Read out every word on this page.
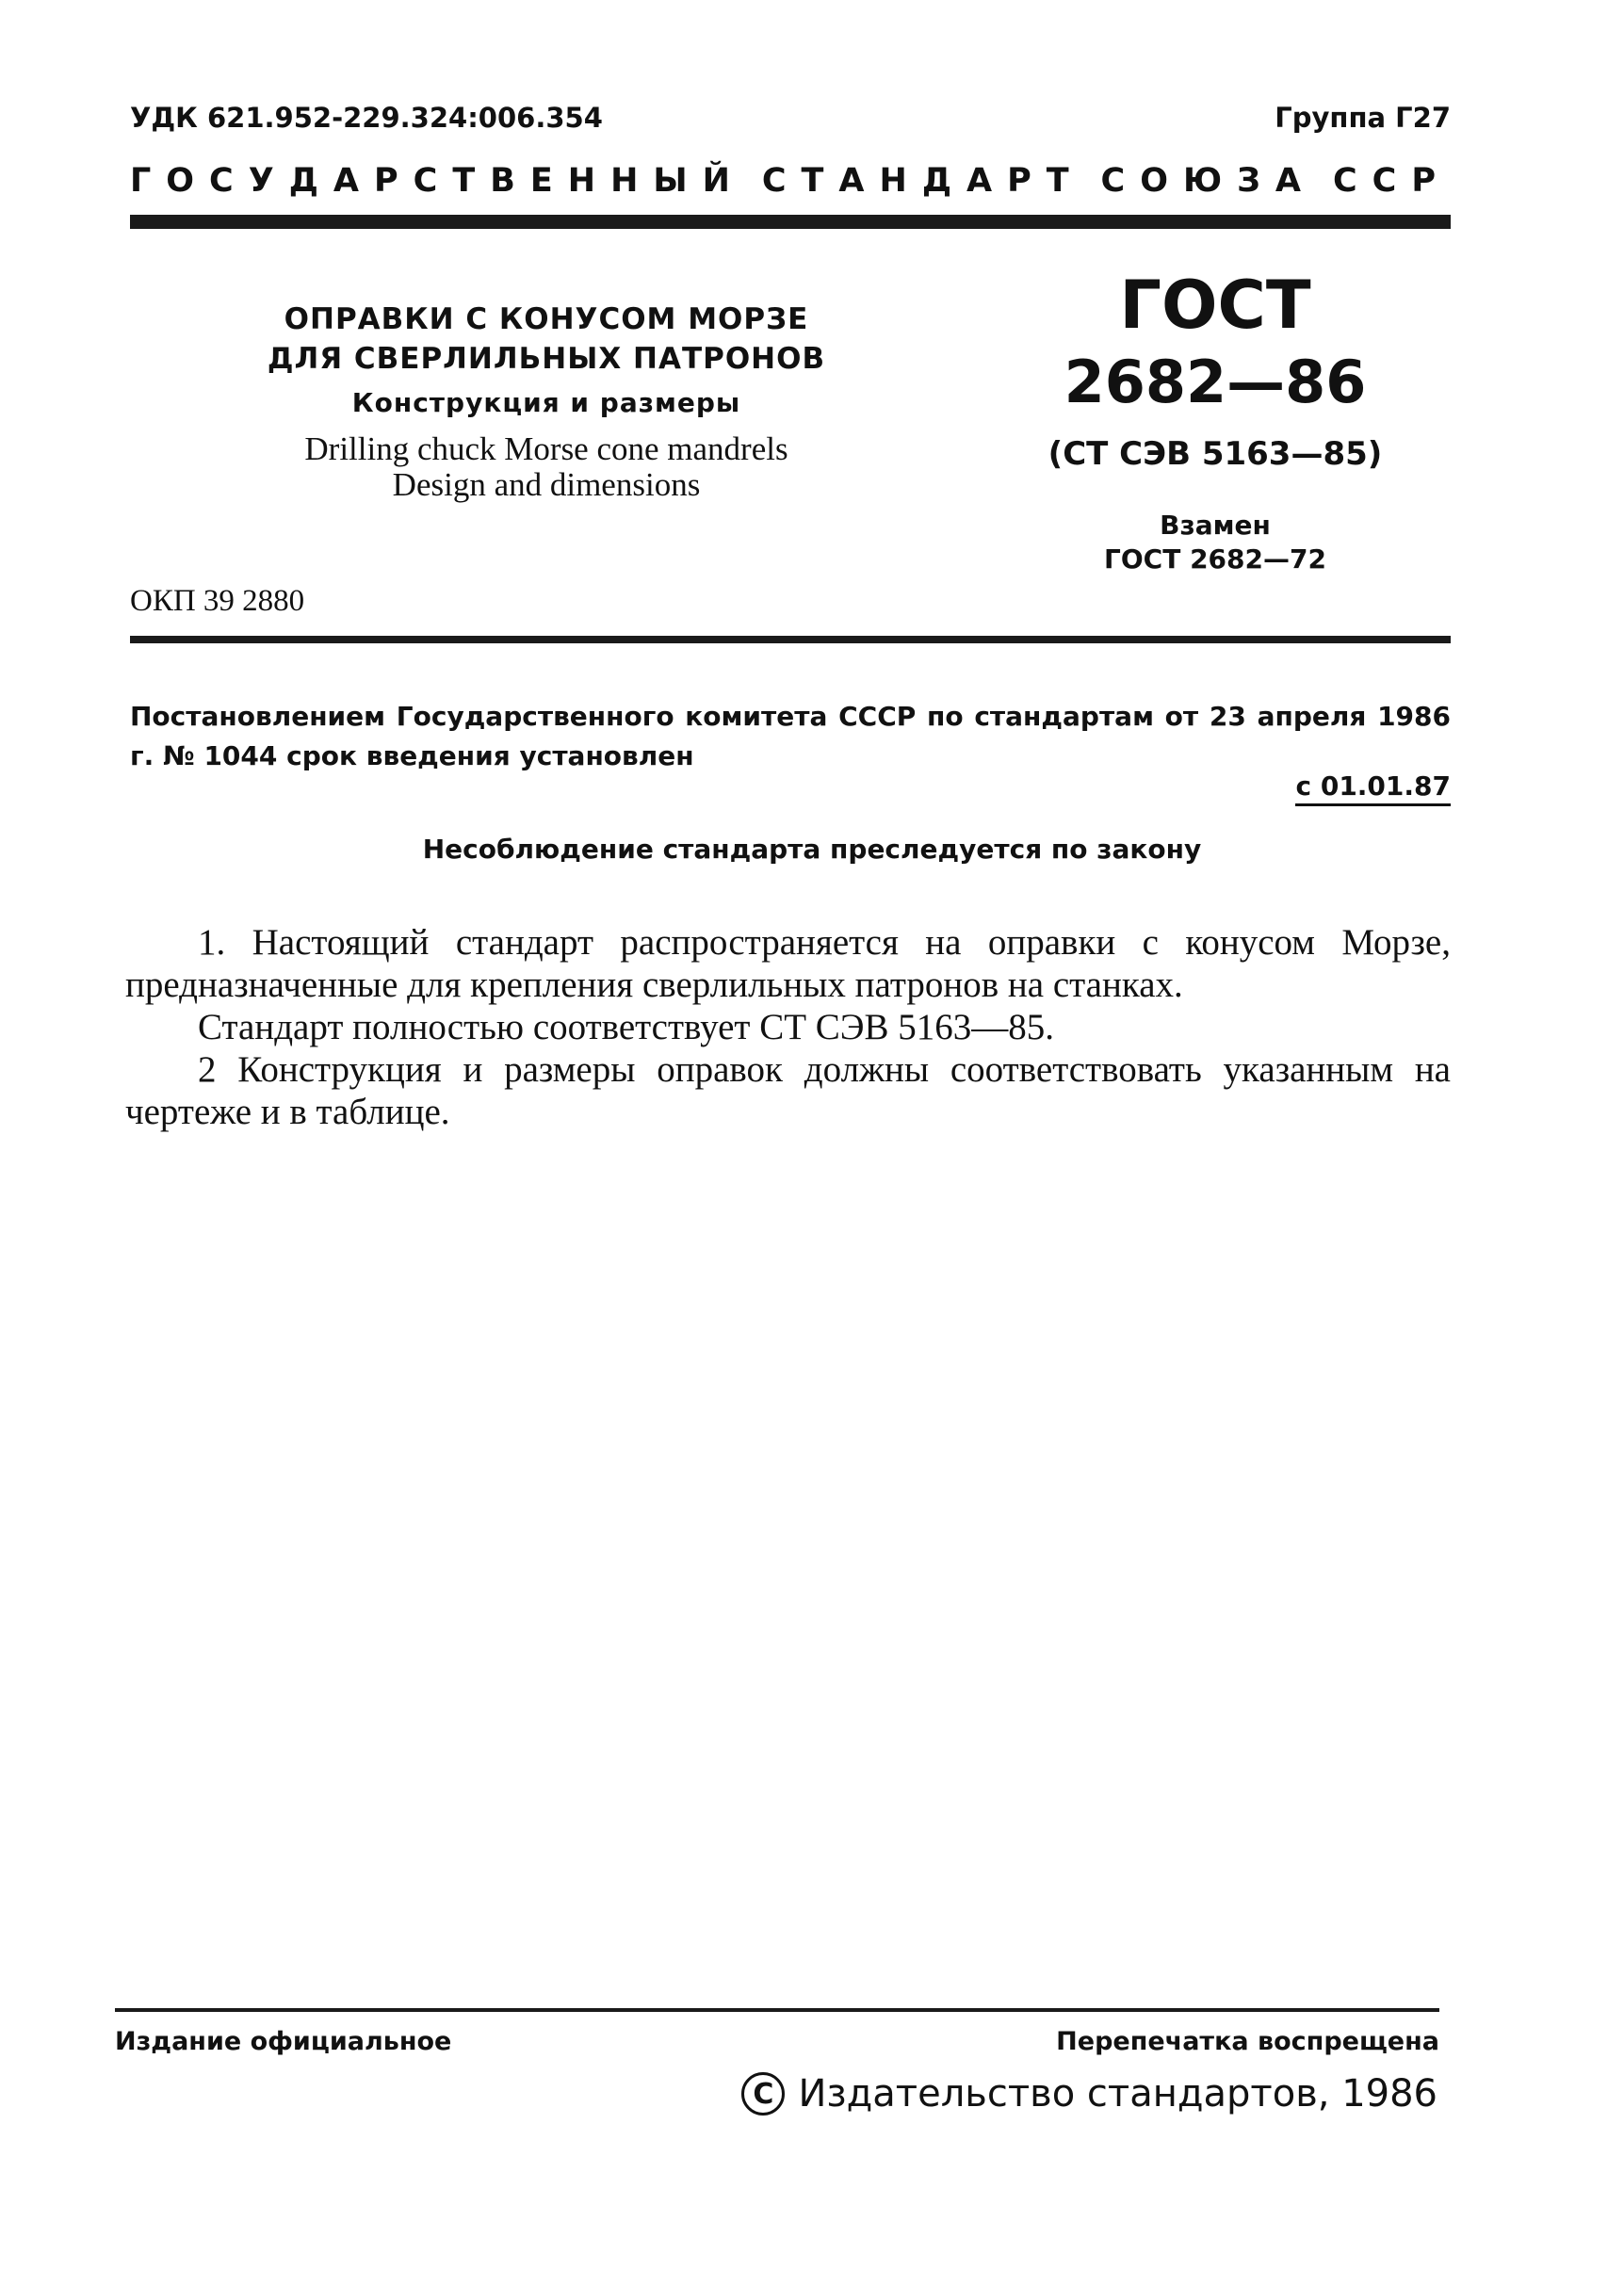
УДК 621.952-229.324:006.354	Группа Г27
ГОСУДАРСТВЕННЫЙ СТАНДАРТ СОЮЗА ССР
ОПРАВКИ С КОНУСОМ МОРЗЕ
ДЛЯ СВЕРЛИЛЬНЫХ ПАТРОНОВ
Конструкция и размеры
Drilling chuck Morse cone mandrels
Design and dimensions
ГОСТ
2682—86
(СТ СЭВ 5163—85)
Взамен
ГОСТ 2682—72
ОКП 39 2880
Постановлением Государственного комитета СССР по стандартам от 23 апреля 1986 г. № 1044 срок введения установлен
с 01.01.87
Несоблюдение стандарта преследуется по закону

1. Настоящий стандарт распространяется на оправки с конусом Морзе, предназначенные для крепления сверлильных патронов на станках.

Стандарт полностью соответствует СТ СЭВ 5163—85.

2 Конструкция и размеры оправок должны соответствовать указанным на чертеже и в таблице.

Издание официальное	Перепечатка воспрещена
C Издательство стандартов, 1986
